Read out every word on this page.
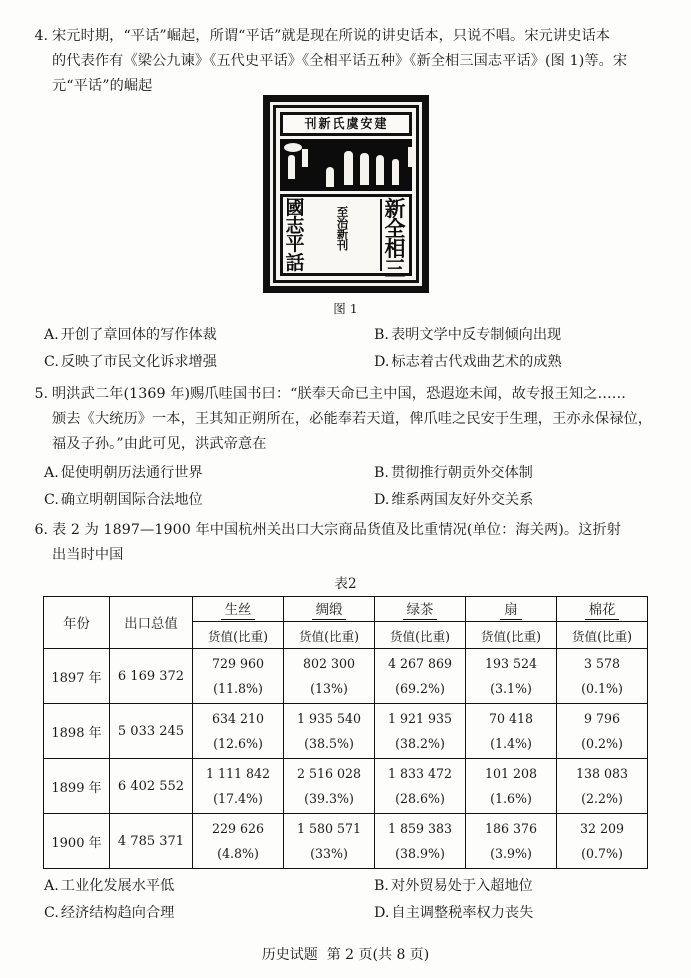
4. 宋元时期，“平话”崛起，所谓“平话”就是现在所说的讲史话本，只说不唱。宋元讲史话本
的代表作有《梁公九谏》《五代史平话》《全相平话五种》《新全相三国志平话》(图 1)等。宋
元“平话”的崛起
建
安
虞
氏
新
刊
國
志
平
話
至
治
新
刊
新
全
相
三
图 1
A. 开创了章回体的写作体裁	B. 表明文学中反专制倾向出现
C. 反映了市民文化诉求增强	D. 标志着古代戏曲艺术的成熟
5. 明洪武二年(1369 年)赐爪哇国书曰：“朕奉天命已主中国，恐遐迩未闻，故专报王知之……
颁去《大统历》一本，王其知正朔所在，必能奉若天道，俾爪哇之民安于生理，王亦永保禄位，
福及子孙。”由此可见，洪武帝意在
A. 促使明朝历法通行世界	B. 贯彻推行朝贡外交体制
C. 确立明朝国际合法地位	D. 维系两国友好外交关系
6. 表 2 为 1897—1900 年中国杭州关出口大宗商品货值及比重情况(单位：海关两)。这折射
出当时中国
表2
年份	出口总值	生丝	绸缎	绿茶	扇	棉花
		货值(比重)	货值(比重)	货值(比重)	货值(比重)	货值(比重)
1897 年	6 169 372	729 960
(11.8%)	802 300
(13%)	4 267 869
(69.2%)	193 524
(3.1%)	3 578
(0.1%)

1898 年	5 033 245	634 210
(12.6%)	1 935 540
(38.5%)	1 921 935
(38.2%)	70 418
(1.4%)	9 796
(0.2%)

1899 年	6 402 552	1 111 842
(17.4%)	2 516 028
(39.3%)	1 833 472
(28.6%)	101 208
(1.6%)	138 083
(2.2%)

1900 年	4 785 371	229 626
(4.8%)	1 580 571
(33%)	1 859 383
(38.9%)	186 376
(3.9%)	32 209
(0.7%)
A. 工业化发展水平低	B. 对外贸易处于入超地位
C. 经济结构趋向合理	D. 自主调整税率权力丧失
历史试题 第 2 页(共 8 页)
